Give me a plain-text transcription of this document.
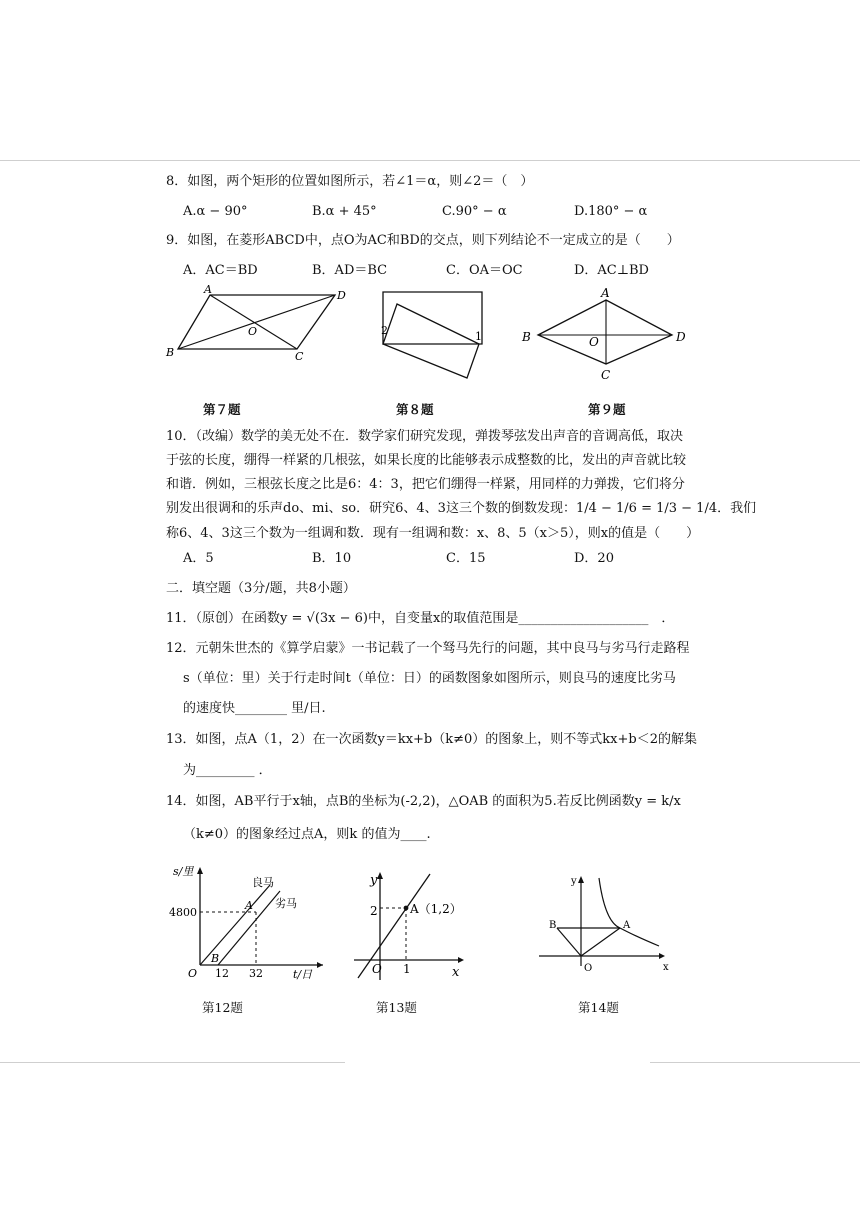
8．如图，两个矩形的位置如图所示，若∠1＝α，则∠2＝（　）
A.α − 90°	B.α + 45°	C.90° − α	D.180° − α
9．如图，在菱形ABCD中，点O为AC和BD的交点，则下列结论不一定成立的是（　　）
A．AC＝BD	B．AD＝BC	C．OA＝OC	D．AC⊥BD
A	D
O
B	C
第７题
2	1
第８题
A
B	O	D
C
第９题
10．（改编）数学的美无处不在．数学家们研究发现，弹拨琴弦发出声音的音调高低，取决
于弦的长度，绷得一样紧的几根弦，如果长度的比能够表示成整数的比，发出的声音就比较
和谐．例如，三根弦长度之比是6：4：3，把它们绷得一样紧，用同样的力弹拨，它们将分
别发出很调和的乐声do、mi、so．研究6、4、3这三个数的倒数发现：1/4 − 1/6 = 1/3 − 1/4．我们
称6、4、3这三个数为一组调和数．现有一组调和数：x、8、5（x＞5），则x的值是（　　）
A．5	B．10	C．15	D．20
二．填空题（3分/题，共8小题）
11．（原创）在函数y = √(3x − 6)中，自变量x的取值范围是____________________　．
12．元朝朱世杰的《算学启蒙》一书记载了一个驽马先行的问题，其中良马与劣马行走路程
s（单位：里）关于行走时间t（单位：日）的函数图象如图所示，则良马的速度比劣马
的速度快________ 里/日.
13．如图，点A（1，2）在一次函数y＝kx+b（k≠0）的图象上，则不等式kx+b＜2的解集
为_________ ．
14．如图，AB平行于x轴，点B的坐标为(-2,2)，△OAB 的面积为5.若反比例函数y = k/x
（k≠0）的图象经过点A，则k 的值为____.
s/里
t/日
良马
劣马
4800
A
B
O 12 32
第12题
y
x
O
2
1
A（1,2）
第13题
y
x
O
A
B
第14题
